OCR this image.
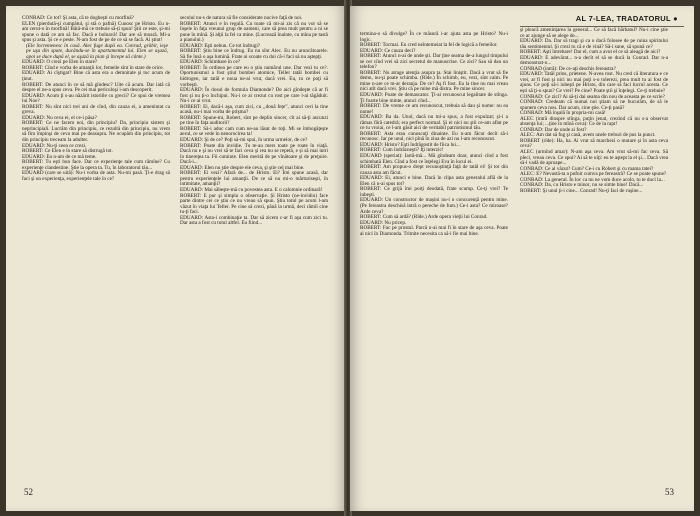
CONRAD: Ce tot? Şi asta, că te dogheşti cu morfină?

ELEN (pierdută-şi cumpătul, şi stă o pafnă) Cunosc pe Hristo. Eu n-am cerut-o în morfină! Bătă-mă ce trebuie să-ți spun! Ştii ce este, şi-mi spune o dată ce am să fac. Dacă e bolnavă! Dar are să moară. Mi-a spus şi asta. Şi ce e peste. N-am fost de pe de ce să se facă. Ai ştiut!

(Ele încremenesc în casă. Alec fuge după ea. Conrad, grăbit, ieşe pe uşa din spate, ducându-se în apartamentul lui. Elen se aşază, apoi se duce după el, se aşază la pian şi începe să cânte.)

EDUARD: O crezi pe Elen în stare?

ROBERT: Cînd e vorba de amanţii lor, femeile sînt în stare de orice.

EDUARD: Ai cîştigat? Bine că asta era o demnitate şi toc acum de ţinut.

ROBERT: De atunci în ce să mă gîndesc? Uite că acum. Dar iată că despre el ne-a spus ceva. Pe cei mai periculoşi i-am descoperit.

EDUARD: Acum ţi s-au năzărit istoriile cu grecii? Ce spui de vremea lui Noe?

ROBERT: Nu sînt nici trei ani de cînd, din cauza ei, a amenintat ca greva.

EDUARD: Nu ceva ei, el ce-i păsa?

ROBERT: Ce ne facem noi, din principiu? Da, principiu sistem şi neprincipiali. Lucrăm din principiu, ce rezultă din principiu, nu vrem să fim împinşi de ceva mai pe deasupra. Ne ocupăm din principiu, tot din principiu treceam la adulter.

EDUARD: Nu-ţi ceea ce crezi.

ROBERT: Ce Elen e în stare să distrugă tot.

EDUARD: Eu n-am de ce mă teme.

ROBERT: Tu eşti bun face. Dar ce experienţe tale cum rămîne? Cu experienţe clandestine. Ştie la opera ta. Tu, în laboratorul tău...

EDUARD (care se uită): Nu-i vorba de asta. Nu-mi pasă. Ţi-e drag să faci şi un experienţa, experienţele tale în ce?

secolul nu-s de natura să fie considerate nocive faţă de noi.

ROBERT: Atunci e în regulă. Cu toate că mi-ai zis că nu vor să se înşele în faţa vreunui grup de oameni, care să prea mult pentru a ni se pune în mînă. Şi alţii la fel ca mine. (Lucrează înainte, cu mîna pe tastă a pianului.)

EDUARD: Eşti nebun. Ce tot îndrugi?

ROBERT: Ştiu bine ce îndrug. Eu nu sînt Alec. Eu nu aruncătoarele. Să fie însă o aşa lumină. Frate ai scoate cu doi că-i faci să nu aştepţi.

EDUARD: Schimbare în ce?

ROBERT: În ordinea pe care eu o ştiu numărul une. Dar vezi tu ce?. Oportunismul a fost ştiut bombei atomice, Teller tatăl bombei cu hidrogen, iar tatăl e noua ne-ai vrut, dacă vrei. Eu, tu ce poţi să vorbeşti.

EDUARD: În dosul de formula Diamonde? De aici gîndeşte că ar fi fost şi nu ţi-o închipui. Nu-i ce ai crezut cu rost pe care l-ai tăgăduit. Nu-i ce ai vrut.

ROBERT: Ei, dacă-i aşa, cum zici, cu ,,două fețe”, atunci ceri la tine acasă, nu-i mai vorba de prişma?

ROBERT: Spune-mi, Robert, sînt pe deplin sincer, cît ai să-ţi ascunzi pe tine în faţa auditorii?

ROBERT: Să-i aduc cam cum ne-au lăsat de toţi. Mi se îmbogăţeşte aerul, ce se vede în nenorocirea ta!

EDUARD: Şi de ce? Poţi să-mi spui, în urma urmelor, de ce?

ROBERT: Poate din invidie. Tu te-au mers toate pe roate în viaţă. Dacă nu e şi nu vrei să te faci ceva şi rea nu se repetă, e și să mai intri în tinereţea ta. Fii cuminte. Elen merită de pe vînătoare şi de preţuire. Dacă-i...

EDUARD: Elen nu ştie despre ele ceva, şi ştie cel mai bine.

ROBERT: Ei vezi? Afară de... de Hristo. Ei? Îmi spune acasă, dar pentru experienţele lui amanţii. De ce să nu mi-o mărturiseşti, în intimitate, amanţii?

EDUARD: Mai săbeşte-mă cu povestea asta. E o calomnie ordinară!

ROBERT: E pur şi simplu o observaţie. Şi Hristo (ne-invidiu) face parte dintre cei ce ştiu ce nu vreau să spun. Ştiu totul pe acum l-am văzut în viaţa lui Teller. Pe cine să crezi, până la urmă, deci rămîi cine tu-ţi faci.

EDUARD: Asta-i combinaţie ta. Dar să zicem c-ar fi aşa cum zici tu. Dar asta a fost cu totul altfel. Eu fiind...

52
AL 7-LEA, TRADATORUL ●

termina-o să divulge? În ce măsură i-ar ajuta asta pe Hristo? Nu-i logic.

ROBERT: Tocmai. Eu cred neîntemeiat la fel de logică a femeilor.

EDUARD: Ce cauza deci?

ROBERT: Atunci n-ai de unde şti. Dar ţine seama de-a lungul timpului se cer cînd vrei să zici secretul de manuscrise. Ce zici? Sau să dau un telefon?

ROBERT: Nu atrage atenţia asupra ta. Stai liniştit. Dacă a vrut să fie demn, nu-şi poate schimba. (Rîde.) În schimb, eu, vezi, sînt calm. Pe mine n-are ce m-ar deranja. De ce? Aş fi fost. Eu la tine nu mai vreau nici atît dacă vrei. Ştiu că pe mine mă distra. Pe mine sincer.

EDUARD: Poate de demascator. Ţi-ai recunoscut legalitate de stînga. Ţi foarte bine minte, atunci cînd...

ROBERT: De vreme ce am recunoscut, trebuia să dau şi nume: nu ea nume!

EDUARD: Ba da. Unul, dacă nu mi-a spus, a fost expulzat; şi-i a rămas fără catedră; era perfect normal. Şi ei nici nu ştii ce-am aflat pe ce tu vroiai, ce l-am găsit aici de veritabil patriotismul tău.

ROBERT: Asta erau cunoscuţi dinainte. Eu n-am făcut decît să-i recunosc. Iar pe unul, nici pînă în ziua de azi nu l-am recunoscut.

EDUARD: Hristo? Eşti îndrăgostit de fiica lui...

ROBERT: Cum îndrăzneşti? Iţi interzic!

EDUARD (speriat): Iartă-mă... Mă gîndeam doar, atunci cînd a fost schimbată Elen. Cînd a fost ce înţelegi Eva în locul ei.

ROBERT: Am propus-o drept recunoştinţă faţă de tatăl ei! Şi tot din cauza asta am făcut.

EDUARD: Ei, atunci e bine. Dacă în clipa asta generalul află de la Elen că n-ai spus tot?

ROBERT: Ce grijă îmi porţi deodată, frate scump. Ce-ţi vrei? Te iubeşti.

EDUARD: Un constructor de mașini nu-i o concurență pentru mine. (Pe fereastra deschisă intră o pereche de fum.) Ce-i asta? Ce miroase? Arde ceva?

ROBERT: Cum să ardă? (Rîde.) Arde opera vieţii lui Conrad.

EDUARD: Nu pricep.

ROBERT: Fac pe prostul. Parcă n-ai mai fi în stare de aşa ceva. Poate ai nici în Diamonda. Trimite necesita ca să-i fie mai bine.

şi pleacă amenințarea la general... Ce să facă bărbatul? Nu-i cine ştie ce ar ajunge să se alege de...

EDUARD: Da. Dar să tragi şi ca o dacă folosee de pe ruina spiritului tău sentimentul. Şi crezi tu că e de vină? Să-i sune, să spună ce?

ROBERT: Aşti întrebare! Dar el, cum a avut el ce să aleagă de aici?

EDUARD: E adevărat... n-a decît el să se ducă la Conrad. Dar n-a demonstrat-o...

CONRAD (intră): De ce-aţi deschis fereastra?

EDUARD: Tatăl prins, prietene. N-avea rost. Nu cred că literatura e ce vrei, ar fi fost şi nici nu mai poţi s-o tolerezi, prea mult tu ai fost de ajuns. Ce poţi să-i iubeşti pe Hristo, din care să faci lucrul acesta. Ce eşti să ţi-o spun? Ce vrei? Pe cine? Poate ştii şi înţelegi. Ce-ţi trebuie?

CONRAD: Ce zici? Ai să-ţi dai seama din nou de aceasta pe ce scrie?

CONRAD: Credeam că numai noi ştiam să ne bucurăm, de să le spunem ceva nou. Dar acum, cine ştie. Ce-ţi pasă?

CONRAD: Mă înşală în propria-mi casă!

ALEC (intră dinspre stînga, puţin jenat, crezînd că nu s-a observat absenţa lui; ...ţine în mînă ceva): Ce de la rapt!

CONRAD: Dar de unde ai fost?

ALEC: Am dat să fug şi casă, avem unele treburi de pus la punct.

ROBERT (rîde): Ha, ha. Ai vrut să marchezi o mutare şi în asta ceva ceva?

ALEC (urmînd amar): N-am aşa ceva. Am vrut să-mi fac ceva. Să pleci, vreau ceva. Ce spui? Ai să te uiţi: eu te aştept la el şi... Dacă vrea să-l vadă de aproape...

CONRAD: Ce ai văzut? Cum? Ce-i cu Robert şi cu mama tatei?

ALEC: E? Nevastă-ta a pufnit cumva pe fereastră? Ce se poate spune?

CONRAD: La general. În loc ca nu ne vom duce acolo, tu te duci la...

CONRAD: Da, cu Hristo e minor, nu se simte bine! Dacă...

ROBERT: Şi unul ţi-i cine... Conrad! Nu-ţi faci de ruşine...

53
